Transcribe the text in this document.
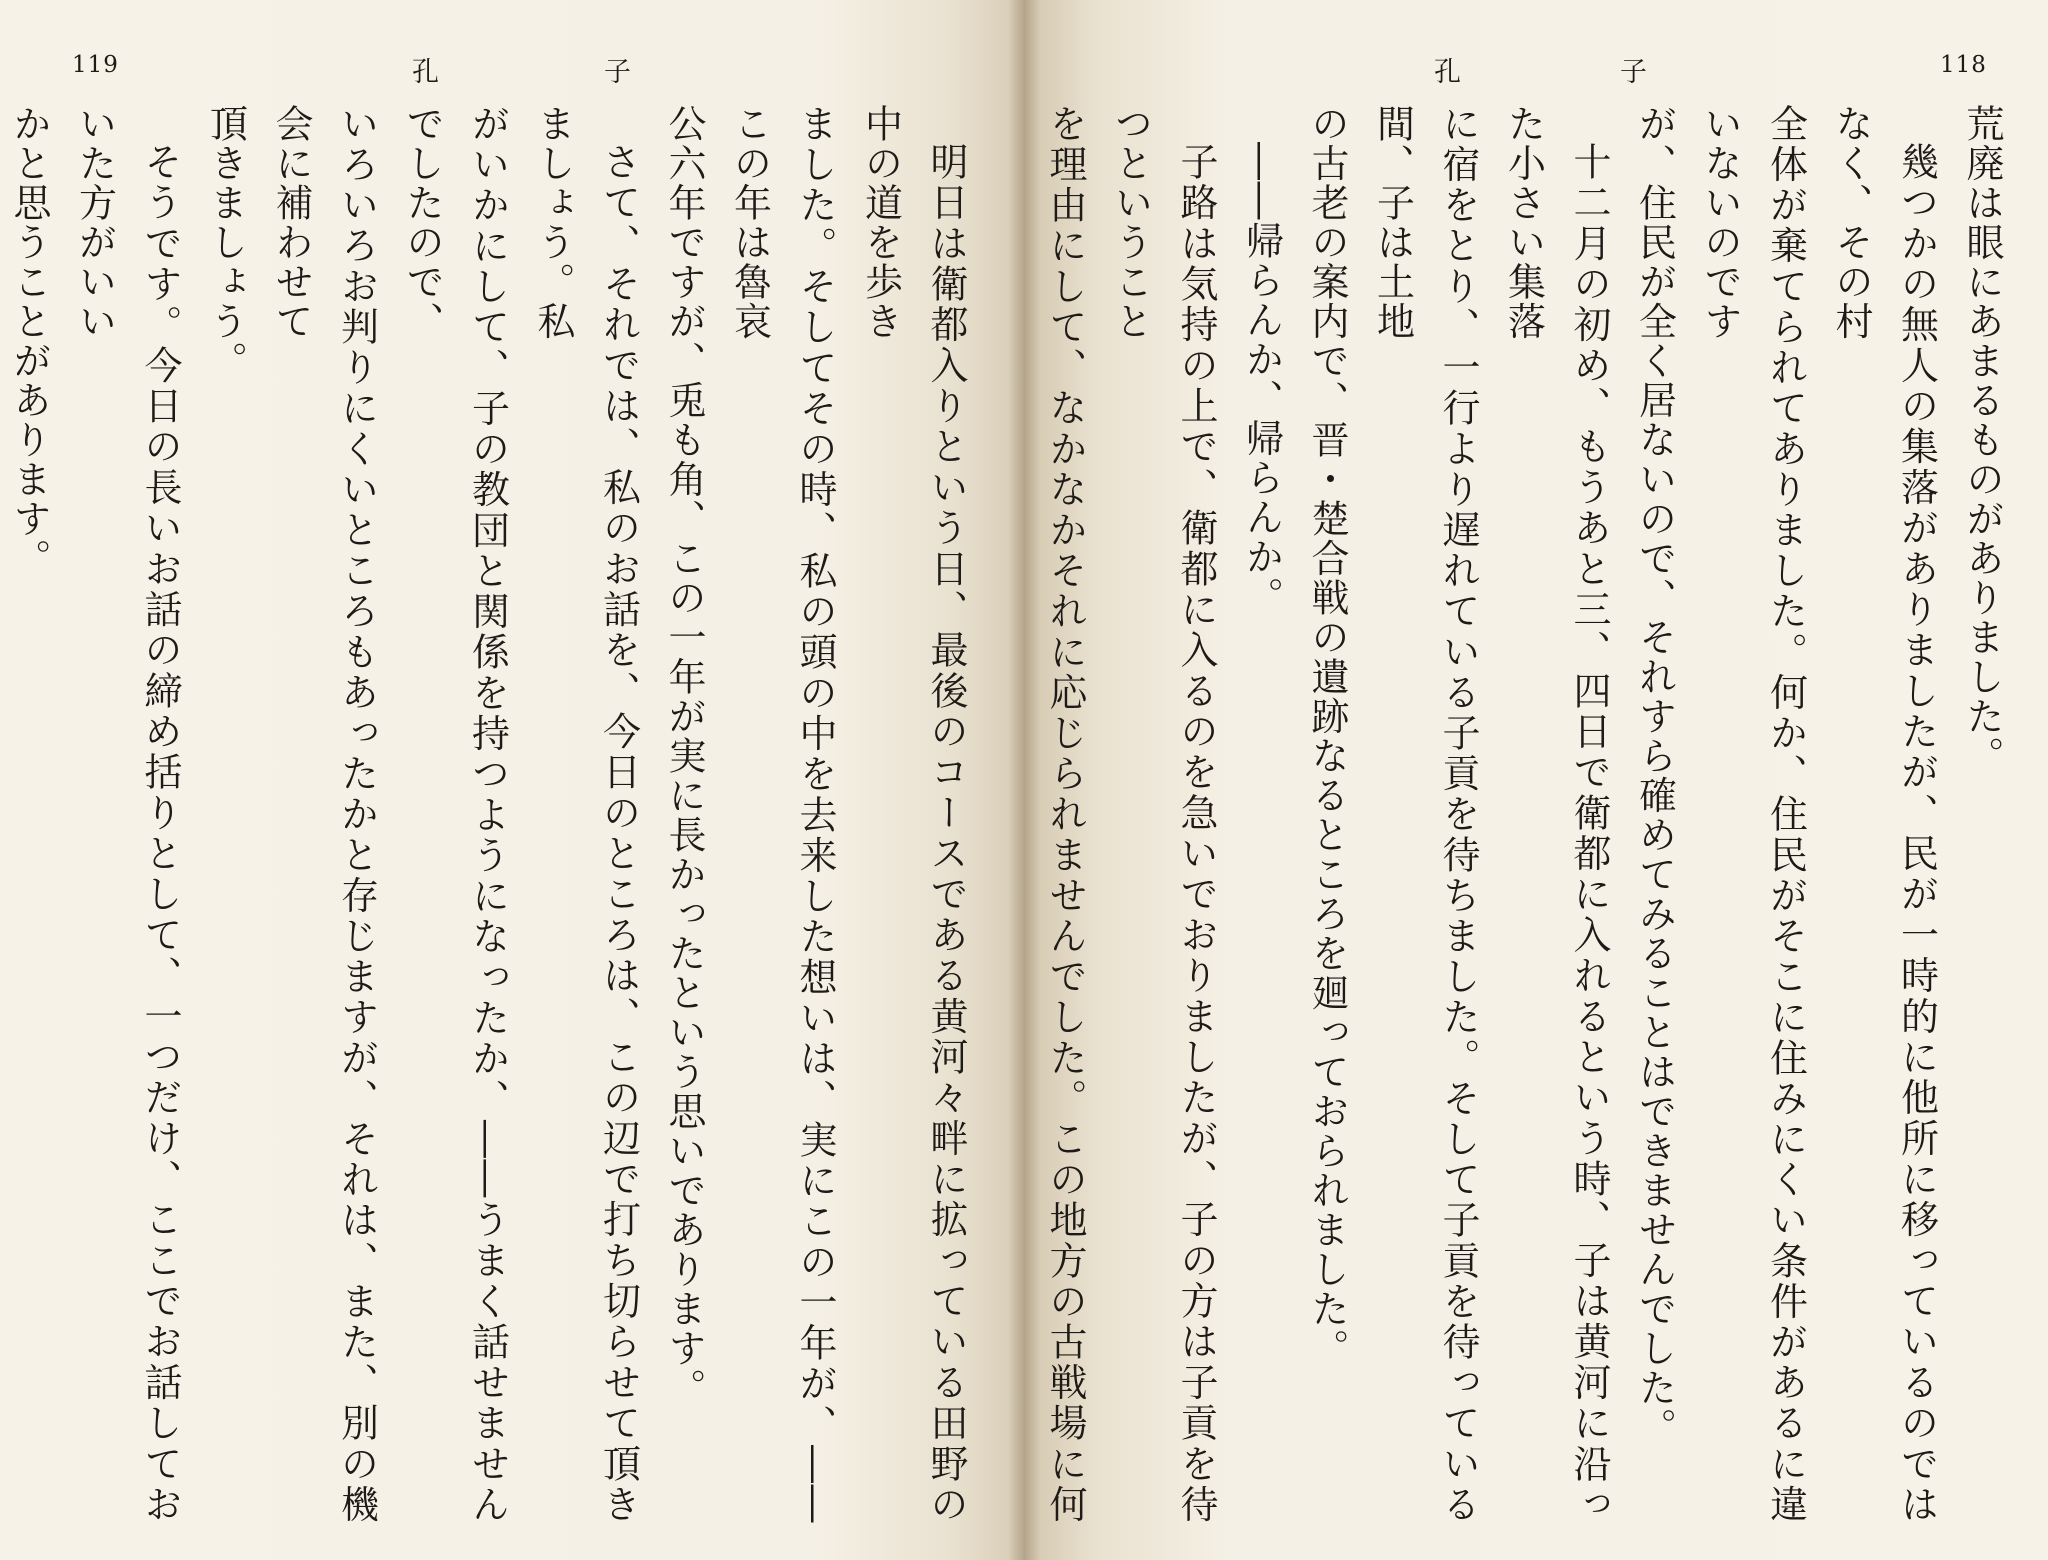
119	孔	子

明日は衛都入りという日、最後のコースである黄河々畔に拡っている田野の中の道を歩き

ました。そしてその時、私の頭の中を去来した想いは、実にこの一年が、――この年は魯哀

公六年ですが、兎も角、この一年が実に長かったという思いであります。

さて、それでは、私のお話を、今日のところは、この辺で打ち切らせて頂きましょう。私

がいかにして、子の教団と関係を持つようになったか、――うまく話せませんでしたので、

いろいろお判りにくいところもあったかと存じますが、それは、また、別の機会に補わせて

頂きましょう。

そうです。今日の長いお話の締め括りとして、一つだけ、ここでお話しておいた方がいい

かと思うことがあります。

孔	子	118

荒廃は眼にあまるものがありました。

幾つかの無人の集落がありましたが、民が一時的に他所に移っているのではなく、その村

全体が棄てられてありました。何か、住民がそこに住みにくい条件があるに違いないのです

が、住民が全く居ないので、それすら確めてみることはできませんでした。

十二月の初め、もうあと三、四日で衛都に入れるという時、子は黄河に沿った小さい集落

に宿をとり、一行より遅れている子貢を待ちました。そして子貢を待っている間、子は土地

の古老の案内で、晋・楚合戦の遺跡なるところを廻っておられました。

――帰らんか、帰らんか。

子路は気持の上で、衛都に入るのを急いでおりましたが、子の方は子貢を待つということ

を理由にして、なかなかそれに応じられませんでした。この地方の古戦場に何
